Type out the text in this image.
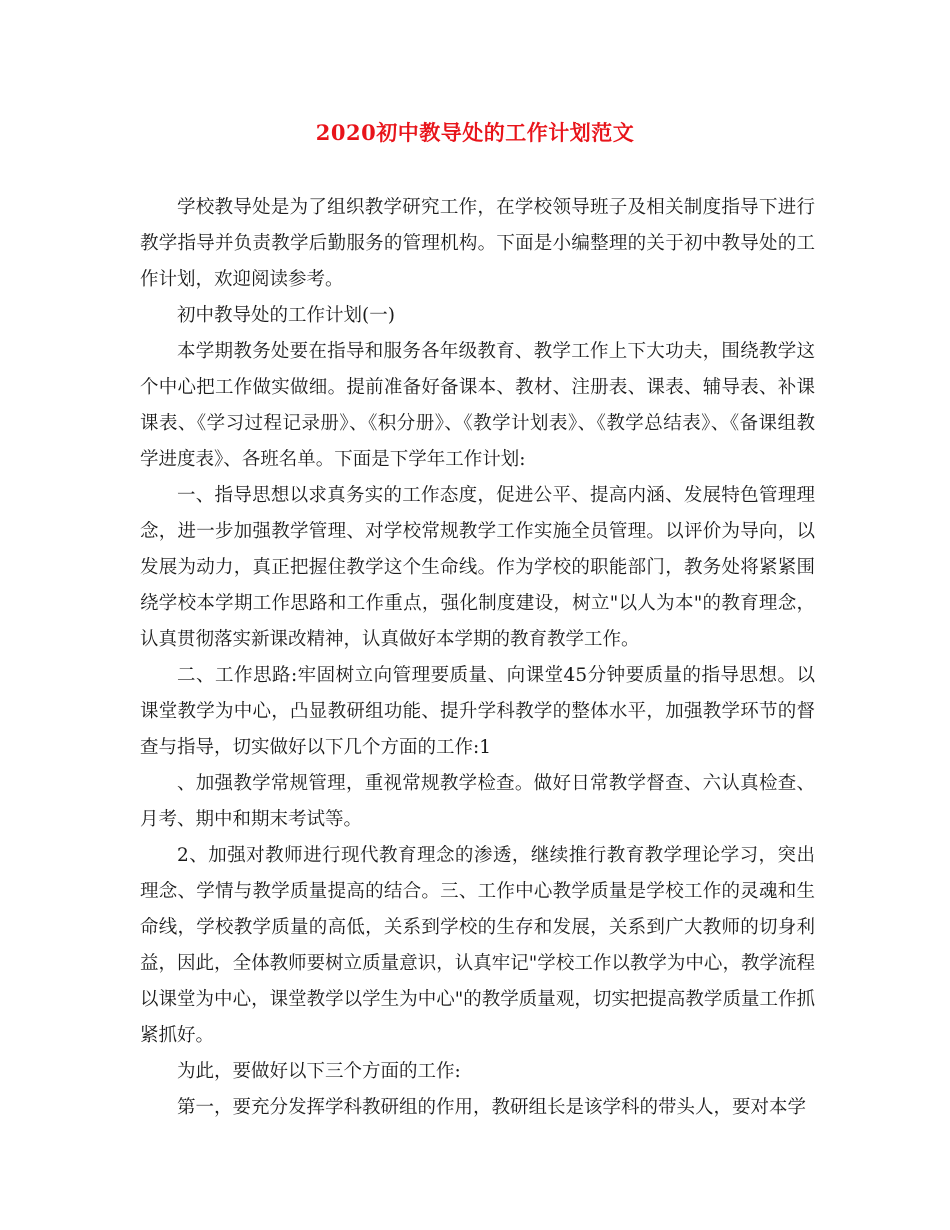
2020初中教导处的工作计划范文

学校教导处是为了组织教学研究工作，在学校领导班子及相关制度指导下进行教学指导并负责教学后勤服务的管理机构。下面是小编整理的关于初中教导处的工作计划，欢迎阅读参考。

初中教导处的工作计划(一)

本学期教务处要在指导和服务各年级教育、教学工作上下大功夫，围绕教学这个中心把工作做实做细。提前准备好备课本、教材、注册表、课表、辅导表、补课课表、《学习过程记录册》、《积分册》、《教学计划表》、《教学总结表》、《备课组教学进度表》、各班名单。下面是下学年工作计划:

一、指导思想以求真务实的工作态度，促进公平、提高内涵、发展特色管理理念，进一步加强教学管理、对学校常规教学工作实施全员管理。以评价为导向，以发展为动力，真正把握住教学这个生命线。作为学校的职能部门，教务处将紧紧围绕学校本学期工作思路和工作重点，强化制度建设，树立"以人为本"的教育理念，认真贯彻落实新课改精神，认真做好本学期的教育教学工作。

二、工作思路:牢固树立向管理要质量、向课堂45分钟要质量的指导思想。以课堂教学为中心，凸显教研组功能、提升学科教学的整体水平，加强教学环节的督查与指导，切实做好以下几个方面的工作:1

、加强教学常规管理，重视常规教学检查。做好日常教学督查、六认真检查、月考、期中和期末考试等。

2、加强对教师进行现代教育理念的渗透，继续推行教育教学理论学习，突出理念、学情与教学质量提高的结合。三、工作中心教学质量是学校工作的灵魂和生命线，学校教学质量的高低，关系到学校的生存和发展，关系到广大教师的切身利益，因此，全体教师要树立质量意识，认真牢记"学校工作以教学为中心，教学流程以课堂为中心，课堂教学以学生为中心"的教学质量观，切实把提高教学质量工作抓紧抓好。

为此，要做好以下三个方面的工作:

第一，要充分发挥学科教研组的作用，教研组长是该学科的带头人，要对本学
